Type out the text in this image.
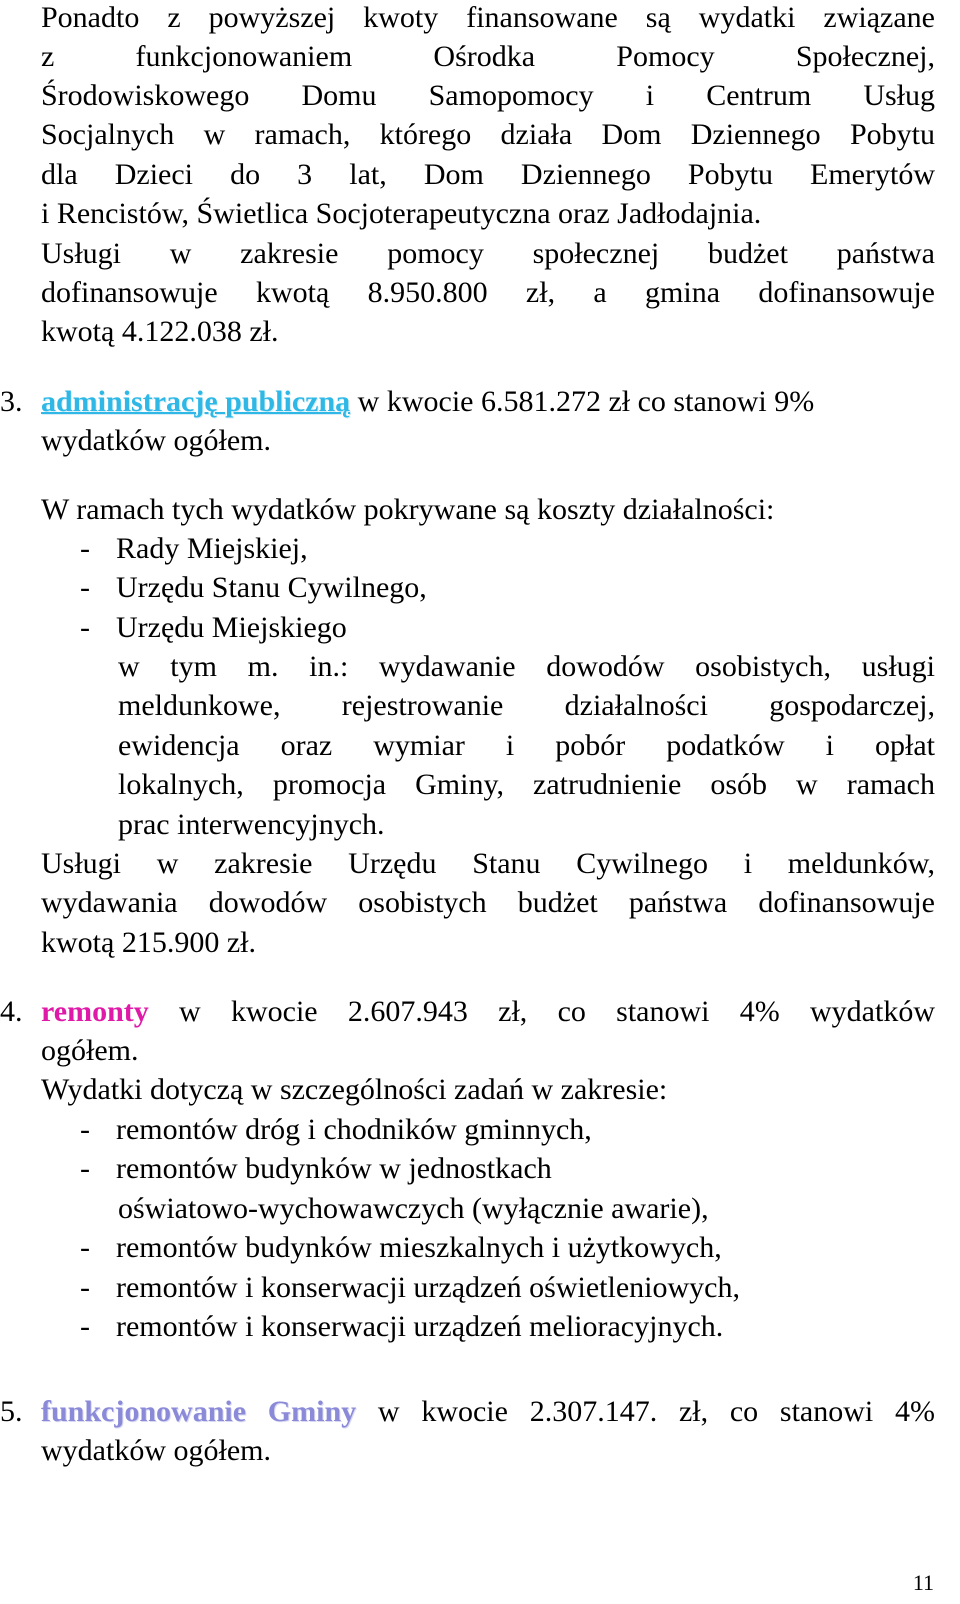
Ponadto z powyższej kwoty finansowane są wydatki związane
z funkcjonowaniem Ośrodka Pomocy Społecznej,
Środowiskowego Domu Samopomocy i Centrum Usług
Socjalnych w ramach, którego działa Dom Dziennego Pobytu
dla Dzieci do 3 lat, Dom Dziennego Pobytu Emerytów
i Rencistów, Świetlica Socjoterapeutyczna oraz Jadłodajnia.
Usługi w zakresie pomocy społecznej budżet państwa
dofinansowuje kwotą 8.950.800 zł, a gmina dofinansowuje
kwotą 4.122.038 zł.
3. administrację publiczną w kwocie 6.581.272 zł co stanowi 9%
wydatków ogółem.
W ramach tych wydatków pokrywane są koszty działalności:
- Rady Miejskiej,
- Urzędu Stanu Cywilnego,
- Urzędu Miejskiego
w tym m. in.: wydawanie dowodów osobistych, usługi
meldunkowe, rejestrowanie działalności gospodarczej,
ewidencja oraz wymiar i pobór podatków i opłat
lokalnych, promocja Gminy, zatrudnienie osób w ramach
prac interwencyjnych.
Usługi w zakresie Urzędu Stanu Cywilnego i meldunków,
wydawania dowodów osobistych budżet państwa dofinansowuje
kwotą 215.900 zł.
4. remonty w kwocie 2.607.943 zł, co stanowi 4% wydatków
ogółem.
Wydatki dotyczą w szczególności zadań w zakresie:
- remontów dróg i chodników gminnych,
- remontów budynków w jednostkach
oświatowo-wychowawczych (wyłącznie awarie),
- remontów budynków mieszkalnych i użytkowych,
- remontów i konserwacji urządzeń oświetleniowych,
- remontów i konserwacji urządzeń melioracyjnych.
5. funkcjonowanie Gminy w kwocie 2.307.147. zł, co stanowi 4%
wydatków ogółem.
11
